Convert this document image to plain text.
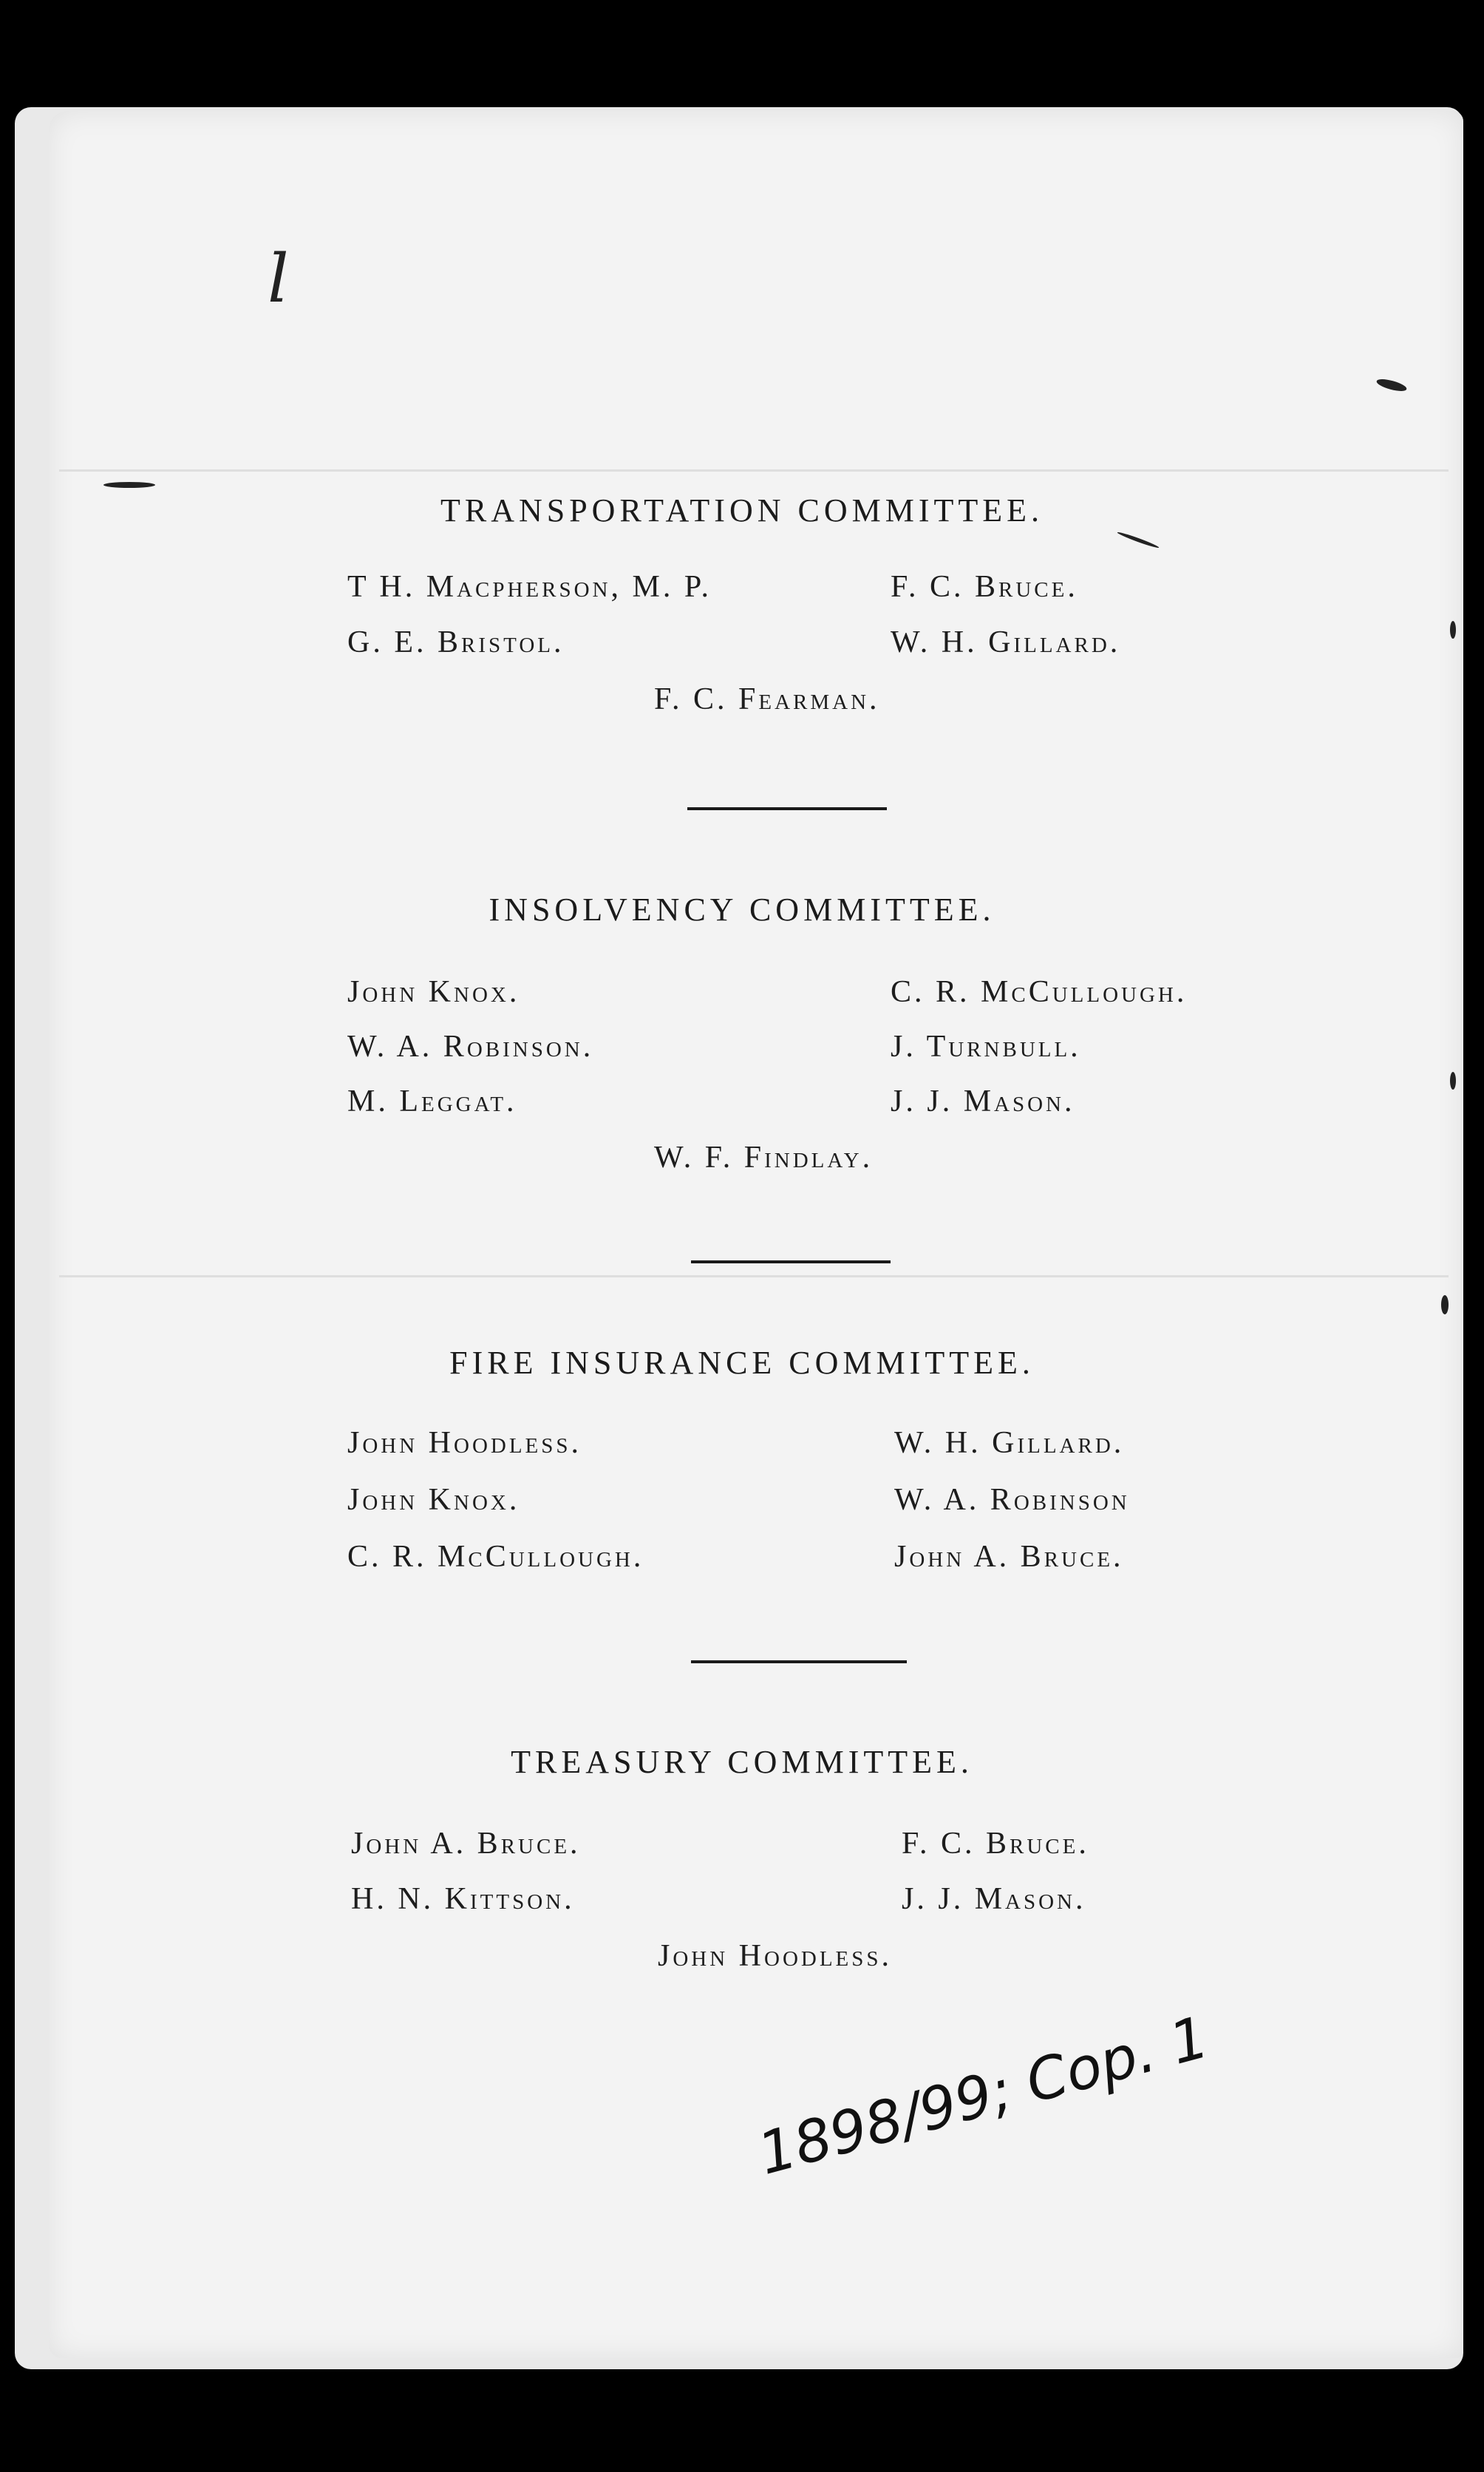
l
TRANSPORTATION COMMITTEE.
T H. Macpherson, M. P.
G. E. Bristol.
F. C. Bruce.
W. H. Gillard.
F. C. Fearman.
INSOLVENCY COMMITTEE.
John Knox.
W. A. Robinson.
M. Leggat.
C. R. McCullough.
J. Turnbull.
J. J. Mason.
W. F. Findlay.
FIRE INSURANCE COMMITTEE.
John Hoodless.
John Knox.
C. R. McCullough.
W. H. Gillard.
W. A. Robinson
John A. Bruce.
TREASURY COMMITTEE.
John A. Bruce.
H. N. Kittson.
F. C. Bruce.
J. J. Mason.
John Hoodless.
1898/99; Cop. 1
